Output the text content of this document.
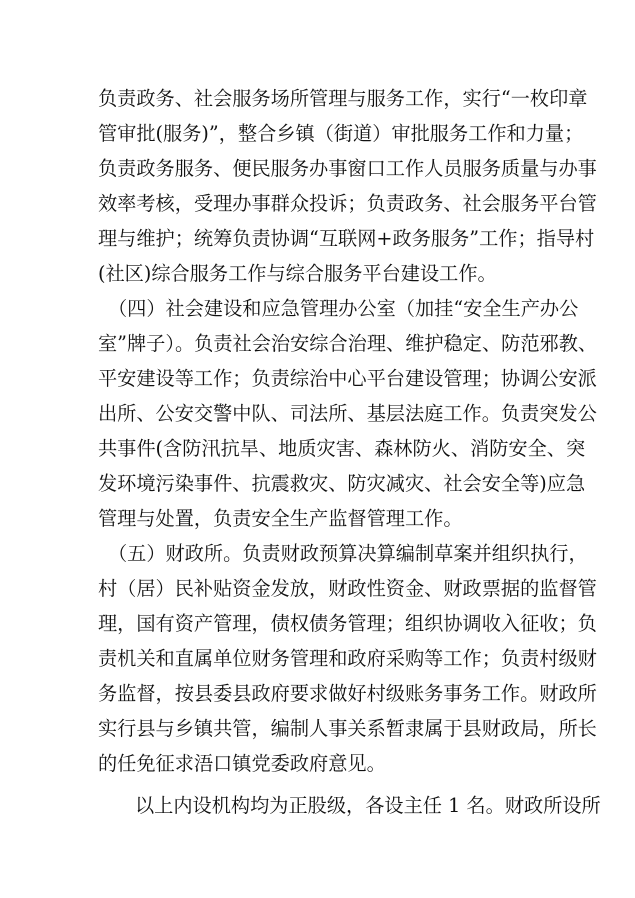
负责政务、社会服务场所管理与服务工作，实行“一枚印章
管审批(服务)”，整合乡镇（街道）审批服务工作和力量；
负责政务服务、便民服务办事窗口工作人员服务质量与办事
效率考核，受理办事群众投诉；负责政务、社会服务平台管
理与维护；统筹负责协调“互联网+政务服务”工作；指导村
(社区)综合服务工作与综合服务平台建设工作。
（四）社会建设和应急管理办公室（加挂“安全生产办公
室”牌子）。负责社会治安综合治理、维护稳定、防范邪教、
平安建设等工作；负责综治中心平台建设管理；协调公安派
出所、公安交警中队、司法所、基层法庭工作。负责突发公
共事件(含防汛抗旱、地质灾害、森林防火、消防安全、突
发环境污染事件、抗震救灾、防灾减灾、社会安全等)应急
管理与处置，负责安全生产监督管理工作。
（五）财政所。负责财政预算决算编制草案并组织执行，
村（居）民补贴资金发放，财政性资金、财政票据的监督管
理，国有资产管理，债权债务管理；组织协调收入征收；负
责机关和直属单位财务管理和政府采购等工作；负责村级财
务监督，按县委县政府要求做好村级账务事务工作。财政所
实行县与乡镇共管，编制人事关系暂隶属于县财政局，所长
的任免征求浯口镇党委政府意见。
以上内设机构均为正股级，各设主任 1 名。财政所设所
